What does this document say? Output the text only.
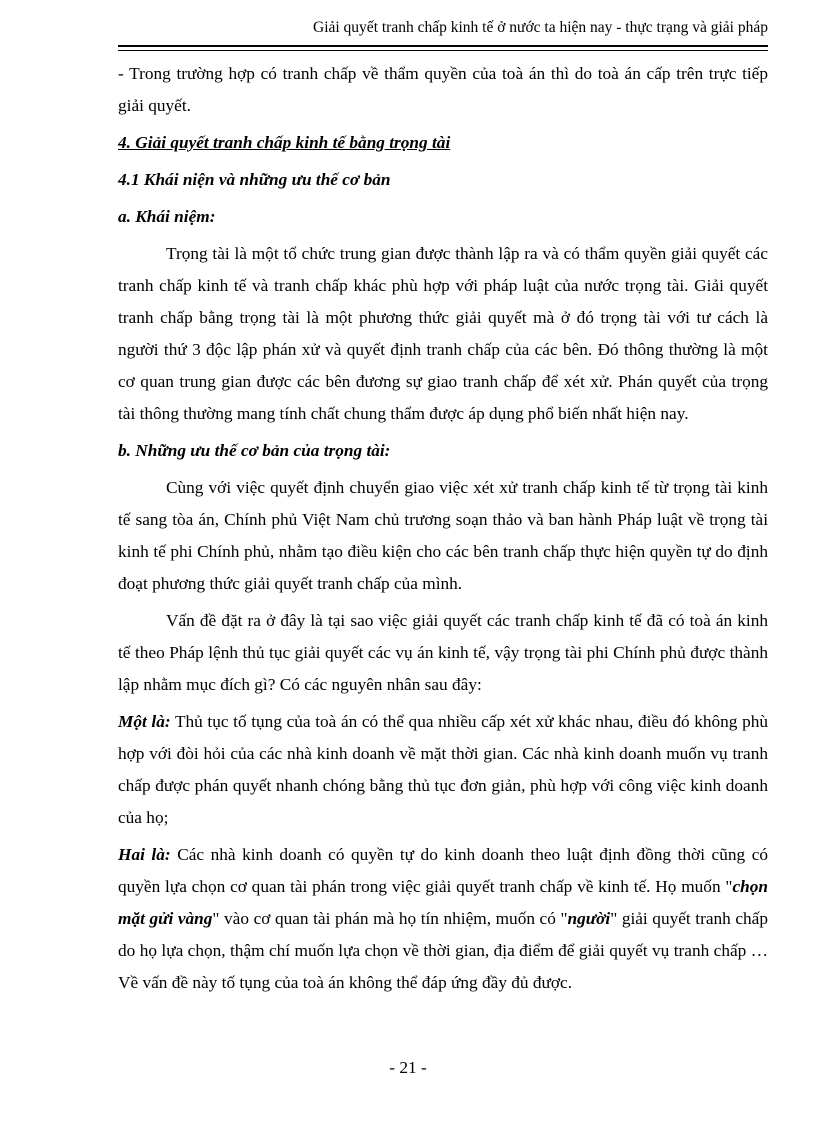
Giải quyết tranh chấp kinh tế ở nước ta hiện nay - thực trạng và giải pháp

- Trong trường hợp có tranh chấp về thẩm quyền của toà án thì do toà án cấp trên trực tiếp giải quyết.

4. Giải quyết tranh chấp kinh tế bằng trọng tài

4.1 Khái niện và những ưu thế cơ bản

a. Khái niệm:

Trọng tài là một tổ chức trung gian được thành lập ra và có thẩm quyền giải quyết các tranh chấp kinh tế và tranh chấp khác phù hợp với pháp luật của nước trọng tài. Giải quyết tranh chấp bằng trọng tài là một phương thức giải quyết mà ở đó trọng tài với tư cách là người thứ 3 độc lập phán xử và quyết định tranh chấp của các bên. Đó thông thường là một cơ quan trung gian được các bên đương sự giao tranh chấp để xét xử. Phán quyết của trọng tài thông thường mang tính chất chung thẩm được áp dụng phổ biến nhất hiện nay.

b. Những ưu thế cơ bản của trọng tài:

Cùng với việc quyết định chuyển giao việc xét xử tranh chấp kinh tế từ trọng tài kinh tế sang tòa án, Chính phủ Việt Nam chủ trương soạn thảo và ban hành Pháp luật về trọng tài kinh tế phi Chính phủ, nhằm tạo điều kiện cho các bên tranh chấp thực hiện quyền tự do định đoạt phương thức giải quyết tranh chấp của mình.

Vấn đề đặt ra ở đây là tại sao việc giải quyết các tranh chấp kinh tế đã có toà án kinh tế theo Pháp lệnh thủ tục giải quyết các vụ án kinh tế, vậy trọng tài phi Chính phủ được thành lập nhằm mục đích gì? Có các nguyên nhân sau đây:

Một là: Thủ tục tố tụng của toà án có thể qua nhiều cấp xét xử khác nhau, điều đó không phù hợp với đòi hỏi của các nhà kinh doanh về mặt thời gian. Các nhà kinh doanh muốn vụ tranh chấp được phán quyết nhanh chóng bằng thủ tục đơn giản, phù hợp với công việc kinh doanh của họ;

Hai là: Các nhà kinh doanh có quyền tự do kinh doanh theo luật định đồng thời cũng có quyền lựa chọn cơ quan tài phán trong việc giải quyết tranh chấp về kinh tế. Họ muốn "chọn mặt gửi vàng" vào cơ quan tài phán mà họ tín nhiệm, muốn có "người" giải quyết tranh chấp do họ lựa chọn, thậm chí muốn lựa chọn về thời gian, địa điểm để giải quyết vụ tranh chấp … Về vấn đề này tố tụng của toà án không thể đáp ứng đầy đủ được.

- 21 -
